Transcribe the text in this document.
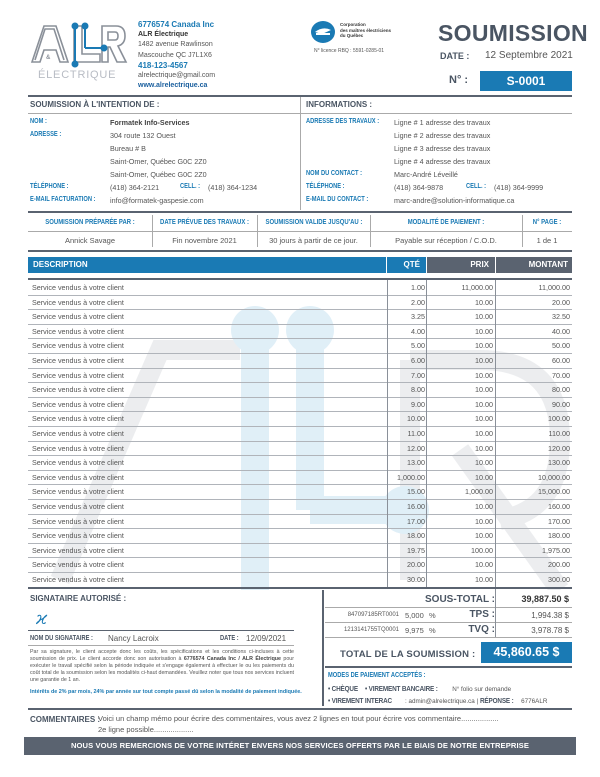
&
ÉLECTRIQUE
6776574 Canada Inc
ALR Électrique
1482 avenue Rawlinson
Mascouche QC J7L1X6
418-123-4567
alrelectrique@gmail.com
www.alrelectrique.ca
Corporation
des maîtres électriciens
du Québec
N° licence RBQ : 5591-0285-01
SOUMISSION
DATE : 12 Septembre 2021
N° :	S-0001
SOUMISSION À L'INTENTION DE :	INFORMATIONS :
NOM :	Formatek Info-Services
ADRESSE :	304 route 132 Ouest
Bureau # B
Saint-Omer, Québec G0C 2Z0
Saint-Omer, Québec G0C 2Z0
TÉLÉPHONE :	(418) 364-2121	CELL. : (418) 364-1234
E-MAIL FACTURATION : info@formatek-gaspesie.com
ADRESSE DES TRAVAUX : Ligne # 1 adresse des travaux
Ligne # 2 adresse des travaux
Ligne # 3 adresse des travaux
Ligne # 4 adresse des travaux
NOM DU CONTACT :	Marc-André Léveillé
TÉLÉPHONE :	(418) 364-9878	CELL. : (418) 364-9999
E-MAIL DU CONTACT :	marc-andre@solution-informatique.ca
SOUMISSION PRÉPARÉE PAR :	DATE PRÉVUE DES TRAVAUX : SOUMISSION VALIDE JUSQU'AU :	MODALITÉ DE PAIEMENT :	N° PAGE :
Annick Savage	Fin novembre 2021	30 jours à partir de ce jour.	Payable sur réception / C.O.D.	1 de 1
DESCRIPTION	QTÉ	PRIX	MONTANT
Service vendus à votre client	1.00	11,000.00	11,000.00
Service vendus à votre client	2.00	10.00	20.00
Service vendus à votre client	3.25	10.00	32.50
Service vendus à votre client	4.00	10.00	40.00
Service vendus à votre client	5.00	10.00	50.00
Service vendus à votre client	6.00	10.00	60.00
Service vendus à votre client	7.00	10.00	70.00
Service vendus à votre client	8.00	10.00	80.00
Service vendus à votre client	9.00	10.00	90.00
Service vendus à votre client	10.00	10.00	100.00
Service vendus à votre client	11.00	10.00	110.00
Service vendus à votre client	12.00	10.00	120.00
Service vendus à votre client	13.00	10.00	130.00
Service vendus à votre client	1,000.00	10.00	10,000.00
Service vendus à votre client	15.00	1,000.00	15,000.00
Service vendus à votre client	16.00	10.00	160.00
Service vendus à votre client	17.00	10.00	170.00
Service vendus à votre client	18.00	10.00	180.00
Service vendus à votre client	19.75	100.00	1,975.00
Service vendus à votre client	20.00	10.00	200.00
Service vendus à votre client	30.00	10.00	300.00
SIGNATAIRE AUTORISÉ :
ϰ
NOM DU SIGNATAIRE : Nancy Lacroix	DATE : 12/09/2021
Par sa signature, le client accepte donc les coûts, les spécifications et les conditions ci-incluses à cette soumission de prix. Le client accorde donc son autorisation à 6776574 Canada Inc / ALR Électrique pour exécuter le travail spécifié selon la période indiquée et s'engage également à effectuer le ou les paiements du coût total de la soumission selon les modalités ci-haut demandées. Veuillez noter que tous nos services incluent une garantie de 1 an.
Intérêts de 2% par mois, 24% par année sur tout compte passé dû selon la modalité de paiement indiquée.
SOUS-TOTAL :	39,887.50 $
847097185RT0001 5,000 %	TPS :	1,994.38 $
1213141755TQ0001 9,975 %	TVQ :	3,978.78 $
TOTAL DE LA SOUMISSION :	45,860.65 $
MODES DE PAIEMENT ACCEPTÉS :
• CHÈQUE • VIREMENT BANCAIRE : N° folio sur demande
• VIREMENT INTERAC : admin@alrelectrique.ca | RÉPONSE : 6776ALR
COMMENTAIRES :
Voici un champ mémo pour écrire des commentaires, vous avez 2 lignes en tout pour écrire vos commentaire..................
2e ligne possible...................
NOUS VOUS REMERCIONS DE VOTRE INTÉRET ENVERS NOS SERVICES OFFERTS PAR LE BIAIS DE NOTRE ENTREPRISE
